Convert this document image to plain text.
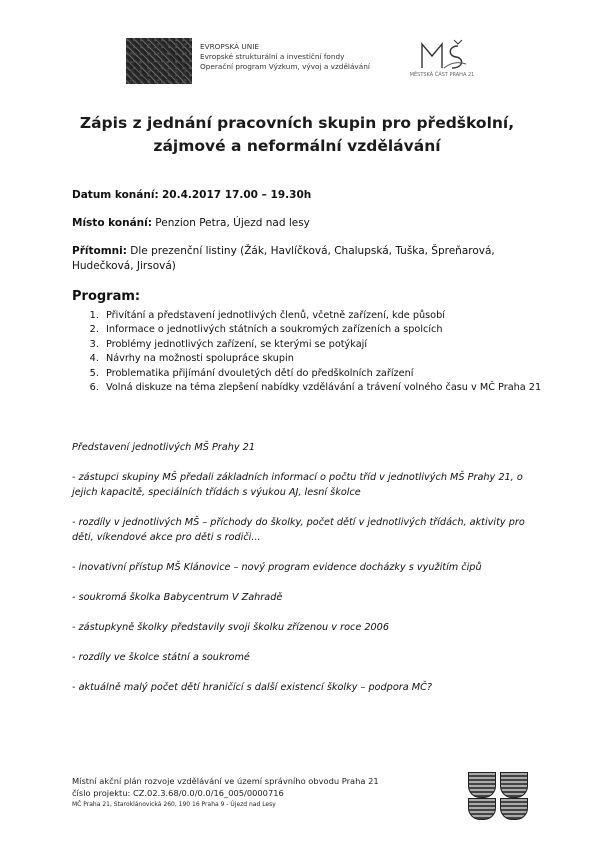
EVROPSKÁ UNIE
Evropské strukturální a investiční fondy
Operační program Výzkum, vývoj a vzdělávání
MĚSTSKÁ ČÁST PRAHA 21
Zápis z jednání pracovních skupin pro předškolní, zájmové a neformální vzdělávání
Datum konání: 20.4.2017 17.00 – 19.30h
Místo konání: Penzion Petra, Újezd nad lesy
Přítomni: Dle prezenční listiny (Žák, Havlíčková, Chalupská, Tuška, Špreňarová, Hudečková, Jirsová)
Program:
1. Přivítání a představení jednotlivých členů, včetně zařízení, kde působí
2. Informace o jednotlivých státních a soukromých zařízeních a spolcích
3. Problémy jednotlivých zařízení, se kterými se potýkají
4. Návrhy na možnosti spolupráce skupin
5. Problematika přijímání dvouletých dětí do předškolních zařízení
6. Volná diskuze na téma zlepšení nabídky vzdělávání a trávení volného času v MČ Praha 21

Představení jednotlivých MŠ Prahy 21

- zástupci skupiny MŠ předali základních informací o počtu tříd v jednotlivých MŠ Prahy 21, o jejich kapacitě, speciálních třídách s výukou AJ, lesní školce

- rozdíly v jednotlivých MŠ – příchody do školky, počet dětí v jednotlivých třídách, aktivity pro děti, víkendové akce pro děti s rodiči...

- inovativní přístup MŠ Klánovice – nový program evidence docházky s využitím čipů

- soukromá školka Babycentrum V Zahradě

- zástupkyně školky představily svoji školku zřízenou v roce 2006

- rozdíly ve školce státní a soukromé

- aktuálně malý počet dětí hraničící s další existencí školky – podpora MČ?

Místní akční plán rozvoje vzdělávání ve území správního obvodu Praha 21
číslo projektu: CZ.02.3.68/0.0/0.0/16_005/0000716
MČ Praha 21, Staroklánovická 260, 190 16 Praha 9 - Újezd nad Lesy
